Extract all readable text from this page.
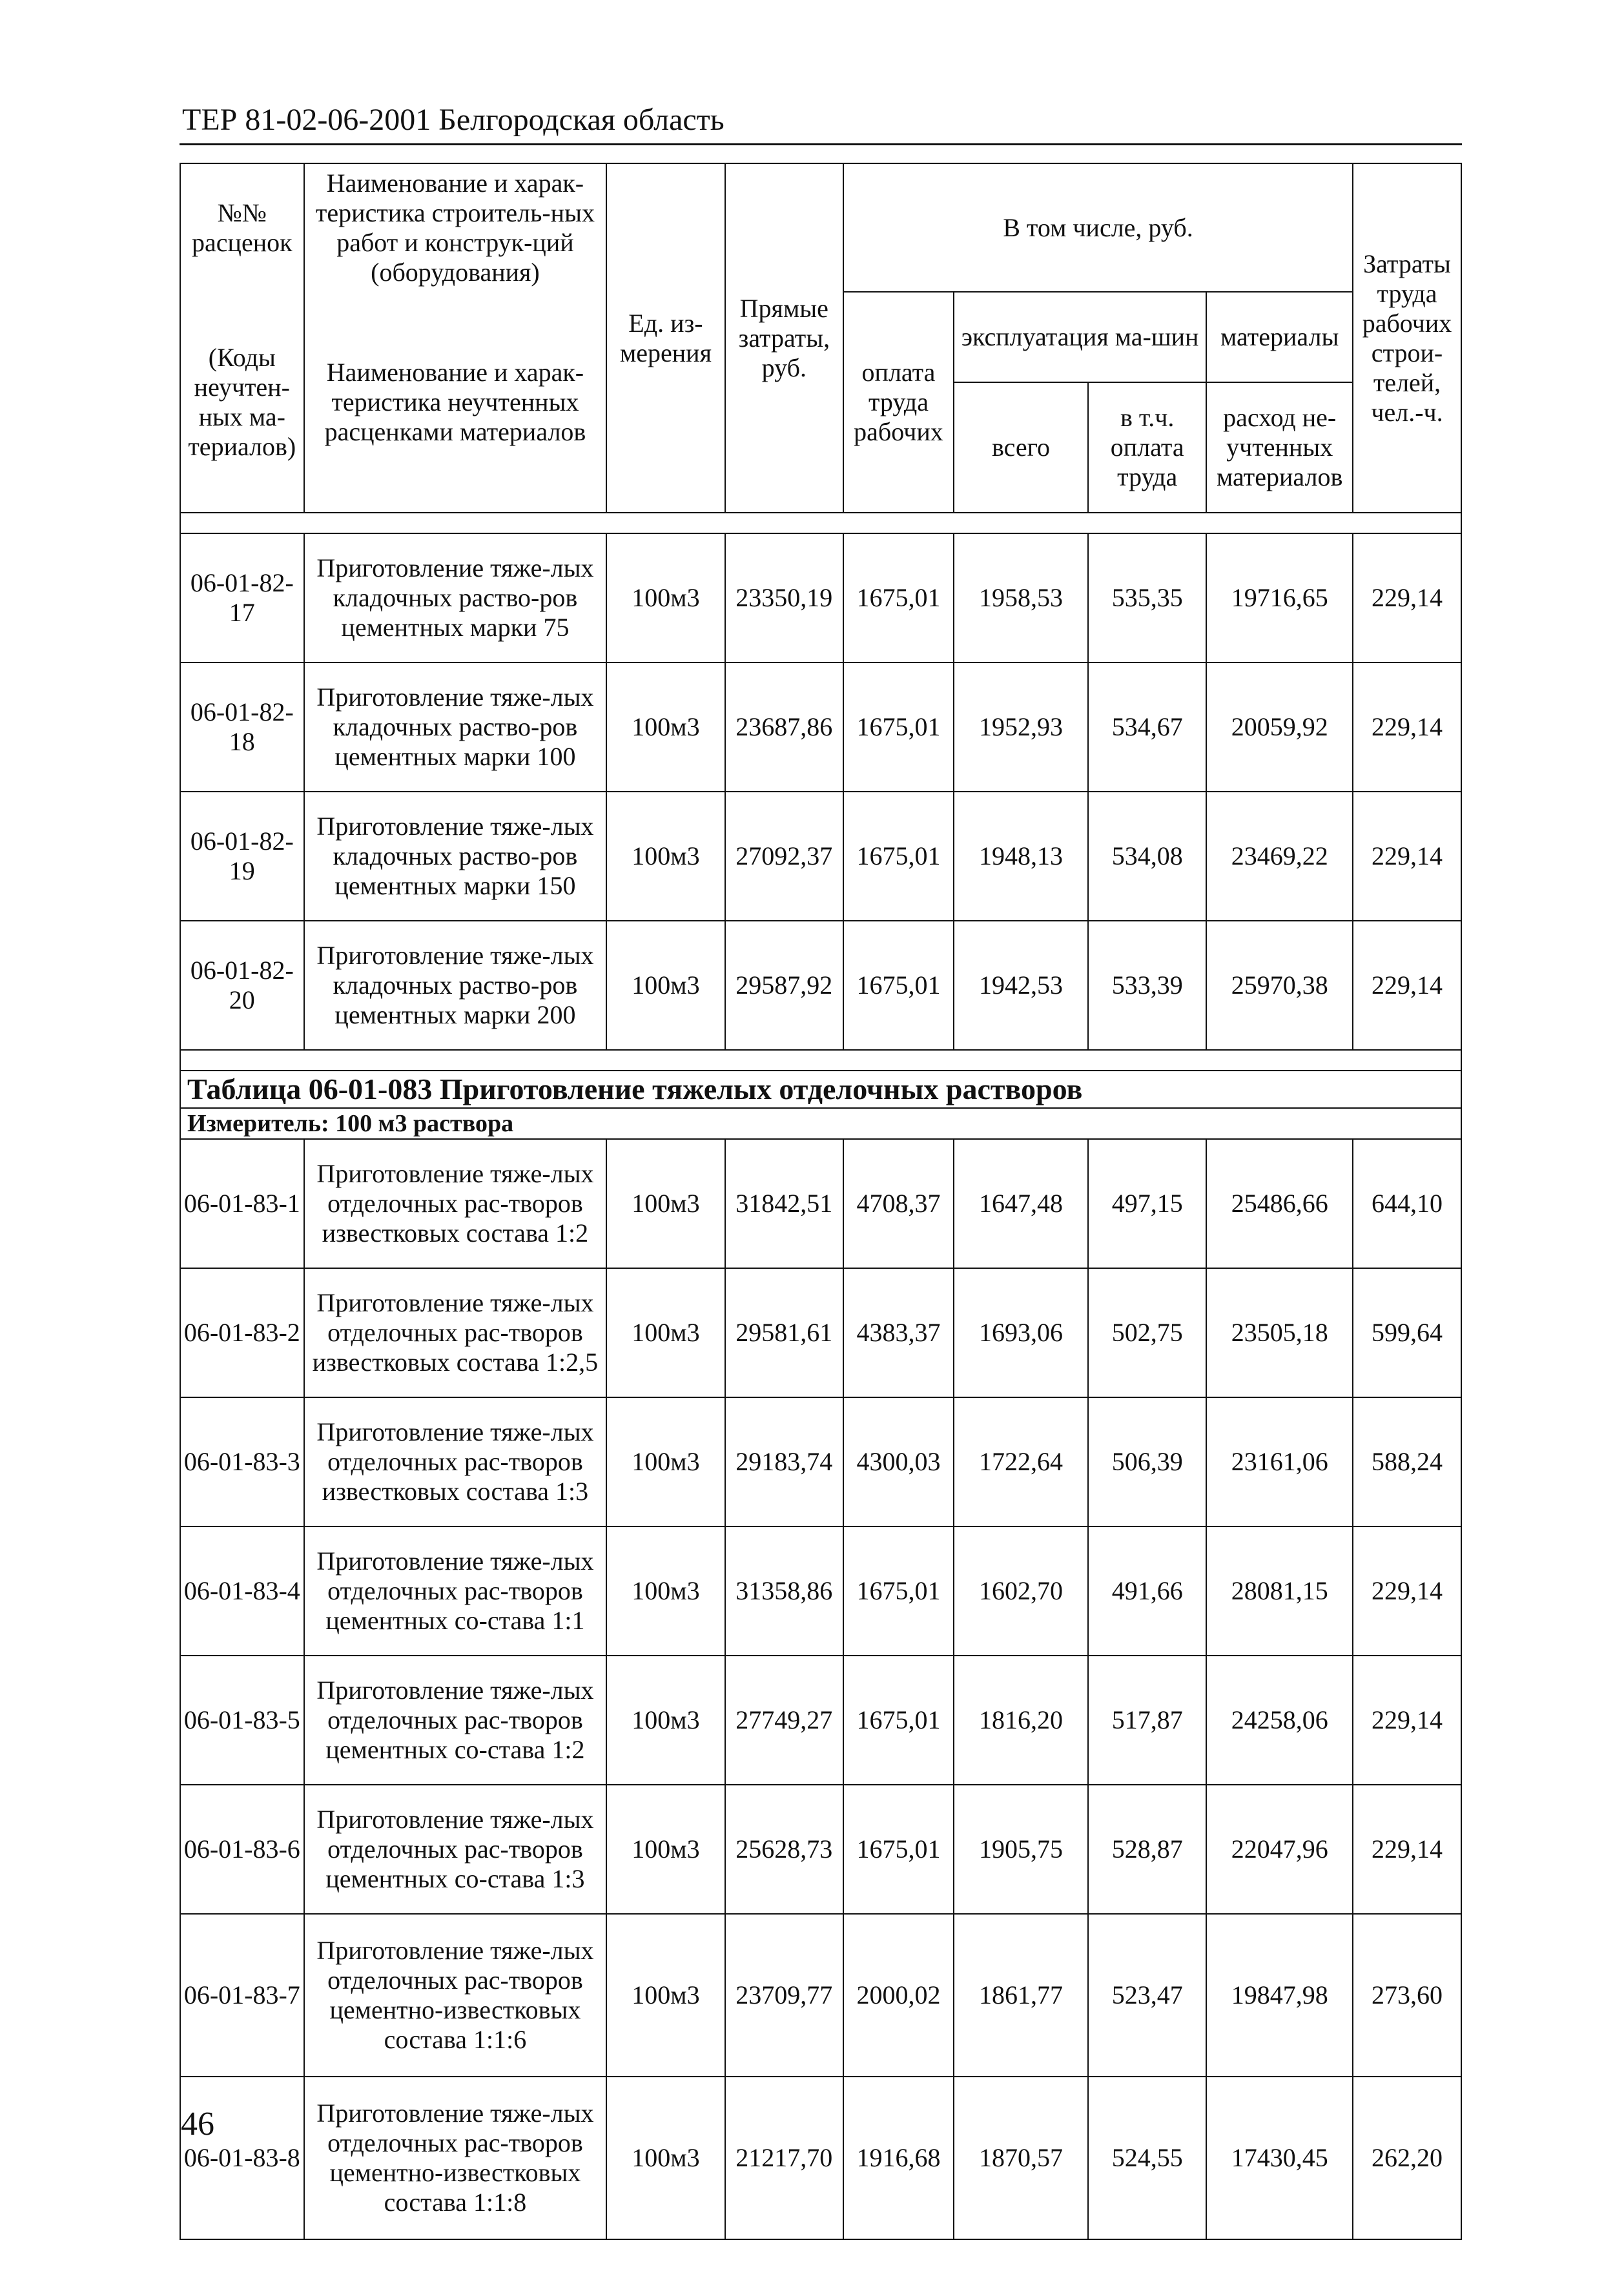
ТЕР 81-02-06-2001 Белгородская область
№№ расценок	Наименование и харак-теристика строитель-ных работ и конструк-ций (оборудования)	Ед. из-мерения	Прямые затраты, руб.	В том числе, руб.				Затраты труда рабочих строи-телей, чел.-ч.
(Коды неучтен-ных ма-териалов)	Наименование и харак-теристика неучтенных расценками материалов			оплата труда рабочих	эксплуатация ма-шин		материалы	
					всего	в т.ч. оплата труда	расход не-учтенных материалов	

06-01-82-17	Приготовление тяже-лых кладочных раство-ров цементных марки 75	100м3	23350,19	1675,01	1958,53	535,35	19716,65	229,14
06-01-82-18	Приготовление тяже-лых кладочных раство-ров цементных марки 100	100м3	23687,86	1675,01	1952,93	534,67	20059,92	229,14
06-01-82-19	Приготовление тяже-лых кладочных раство-ров цементных марки 150	100м3	27092,37	1675,01	1948,13	534,08	23469,22	229,14
06-01-82-20	Приготовление тяже-лых кладочных раство-ров цементных марки 200	100м3	29587,92	1675,01	1942,53	533,39	25970,38	229,14

Таблица 06-01-083 Приготовление тяжелых отделочных растворов								
Измеритель: 100 м3 раствора								
06-01-83-1	Приготовление тяже-лых отделочных рас-творов известковых состава 1:2	100м3	31842,51	4708,37	1647,48	497,15	25486,66	644,10
06-01-83-2	Приготовление тяже-лых отделочных рас-творов известковых состава 1:2,5	100м3	29581,61	4383,37	1693,06	502,75	23505,18	599,64
06-01-83-3	Приготовление тяже-лых отделочных рас-творов известковых состава 1:3	100м3	29183,74	4300,03	1722,64	506,39	23161,06	588,24
06-01-83-4	Приготовление тяже-лых отделочных рас-творов цементных со-става 1:1	100м3	31358,86	1675,01	1602,70	491,66	28081,15	229,14
06-01-83-5	Приготовление тяже-лых отделочных рас-творов цементных со-става 1:2	100м3	27749,27	1675,01	1816,20	517,87	24258,06	229,14
06-01-83-6	Приготовление тяже-лых отделочных рас-творов цементных со-става 1:3	100м3	25628,73	1675,01	1905,75	528,87	22047,96	229,14
06-01-83-7	Приготовление тяже-лых отделочных рас-творов цементно-известковых состава 1:1:6	100м3	23709,77	2000,02	1861,77	523,47	19847,98	273,60
06-01-83-8	Приготовление тяже-лых отделочных рас-творов цементно-известковых состава 1:1:8	100м3	21217,70	1916,68	1870,57	524,55	17430,45	262,20
46
